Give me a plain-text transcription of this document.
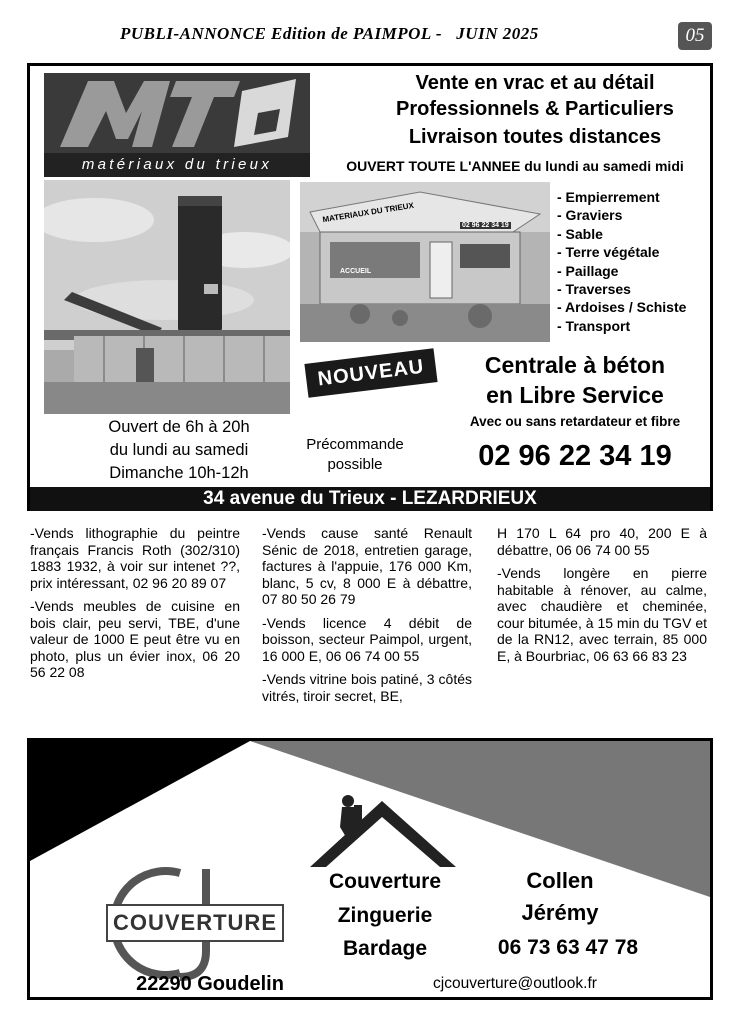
PUBLI-ANNONCE Edition de PAIMPOL -   JUIN 2025	05
matériaux du trieux
Vente en vrac et au détail
Professionnels & Particuliers
Livraison toutes distances
OUVERT TOUTE L'ANNEE du lundi au samedi midi
MATERIAUX DU TRIEUX
02 96 22 34 19
ACCUEIL
- Empierrement
- Graviers
- Sable
- Terre végétale
- Paillage
- Traverses
- Ardoises / Schiste
- Transport
NOUVEAU	Centrale à béton
en Libre Service
Avec ou sans retardateur et fibre
Ouvert de 6h à 20h
du lundi au samedi
Dimanche 10h-12h
Précommande
possible	02 96 22 34 19
34 avenue du Trieux - LEZARDRIEUX

-Vends lithographie du peintre français Francis Roth (302/310) 1883 1932, à voir sur intenet ??, prix intéressant, 02 96 20 89 07

-Vends meubles de cuisine en bois clair, peu servi, TBE, d'une valeur de 1000 E peut être vu en photo, plus un évier inox, 06 20 56 22 08

-Vends cause santé Renault Sénic de 2018, entretien garage, factures à l'appuie, 176 000 Km, blanc, 5 cv, 8 000 E à débattre, 07 80 50 26 79

-Vends licence 4 débit de boisson, secteur Paimpol, urgent, 16 000 E, 06 06 74 00 55

-Vends vitrine bois patiné, 3 côtés vitrés, tiroir secret, BE,

H 170 L 64 pro 40, 200 E à débattre, 06 06 74 00 55

-Vends longère en pierre habitable à rénover, au calme, avec chaudière et cheminée, cour bitumée, à 15 min du TGV et de la RN12, avec terrain, 85 000 E, à Bourbriac, 06 63 66 83 23

COUVERTURE
Couverture
Zinguerie
Bardage
Collen
Jérémy
06 73 63 47 78
22290 Goudelin	cjcouverture@outlook.fr
